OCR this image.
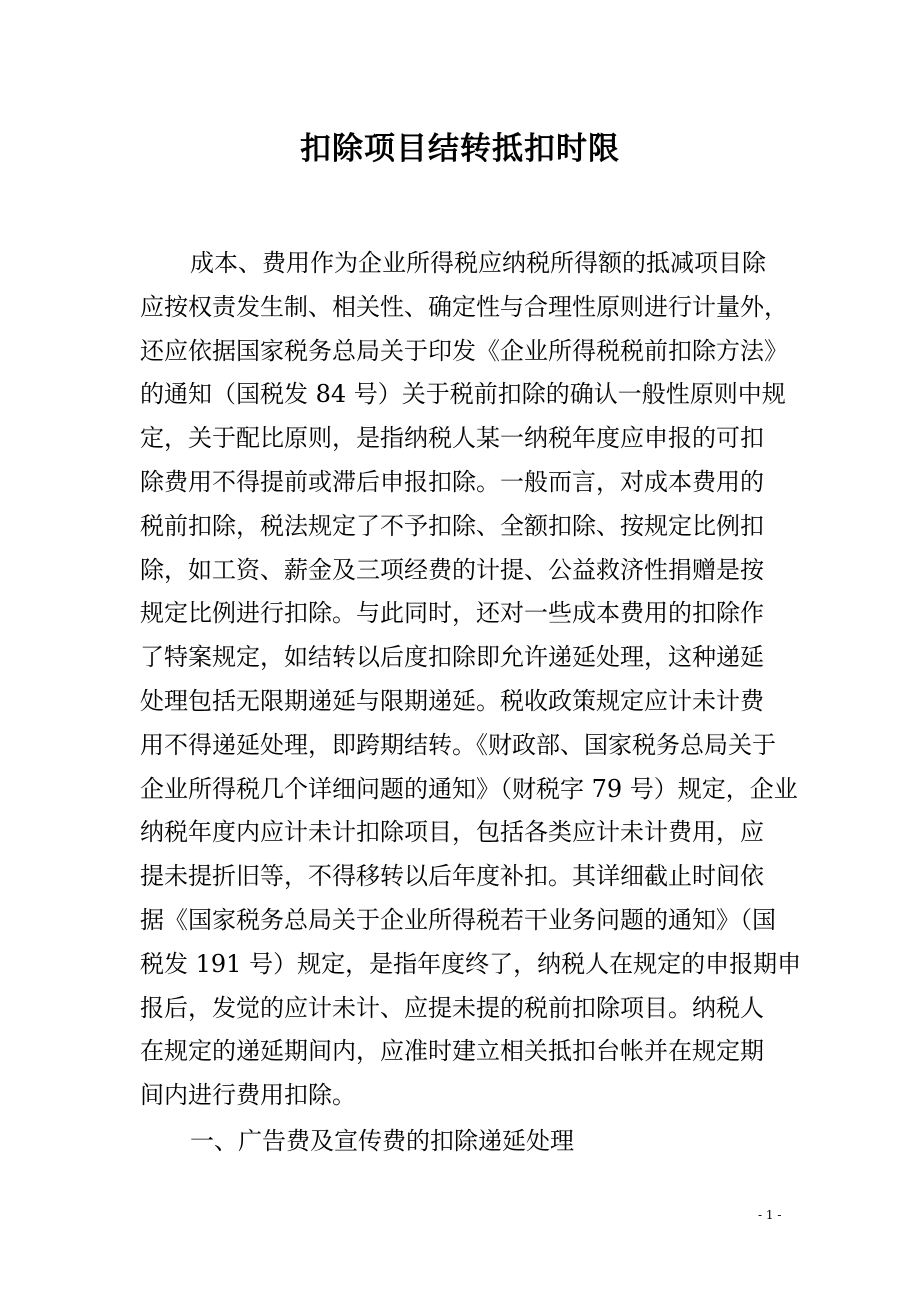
扣除项目结转抵扣时限
成本、费用作为企业所得税应纳税所得额的抵减项目除
应按权责发生制、相关性、确定性与合理性原则进行计量外，
还应依据国家税务总局关于印发《企业所得税税前扣除方法》
的通知（国税发 84 号）关于税前扣除的确认一般性原则中规
定，关于配比原则，是指纳税人某一纳税年度应申报的可扣
除费用不得提前或滞后申报扣除。一般而言，对成本费用的
税前扣除，税法规定了不予扣除、全额扣除、按规定比例扣
除，如工资、薪金及三项经费的计提、公益救济性捐赠是按
规定比例进行扣除。与此同时，还对一些成本费用的扣除作
了特案规定，如结转以后度扣除即允许递延处理，这种递延
处理包括无限期递延与限期递延。税收政策规定应计未计费
用不得递延处理，即跨期结转。《财政部、国家税务总局关于
企业所得税几个详细问题的通知》（财税字 79 号）规定，企业
纳税年度内应计未计扣除项目，包括各类应计未计费用，应
提未提折旧等，不得移转以后年度补扣。其详细截止时间依
据《国家税务总局关于企业所得税若干业务问题的通知》（国
税发 191 号）规定，是指年度终了，纳税人在规定的申报期申
报后，发觉的应计未计、应提未提的税前扣除项目。纳税人
在规定的递延期间内，应准时建立相关抵扣台帐并在规定期
间内进行费用扣除。

一、广告费及宣传费的扣除递延处理

- 1 -
